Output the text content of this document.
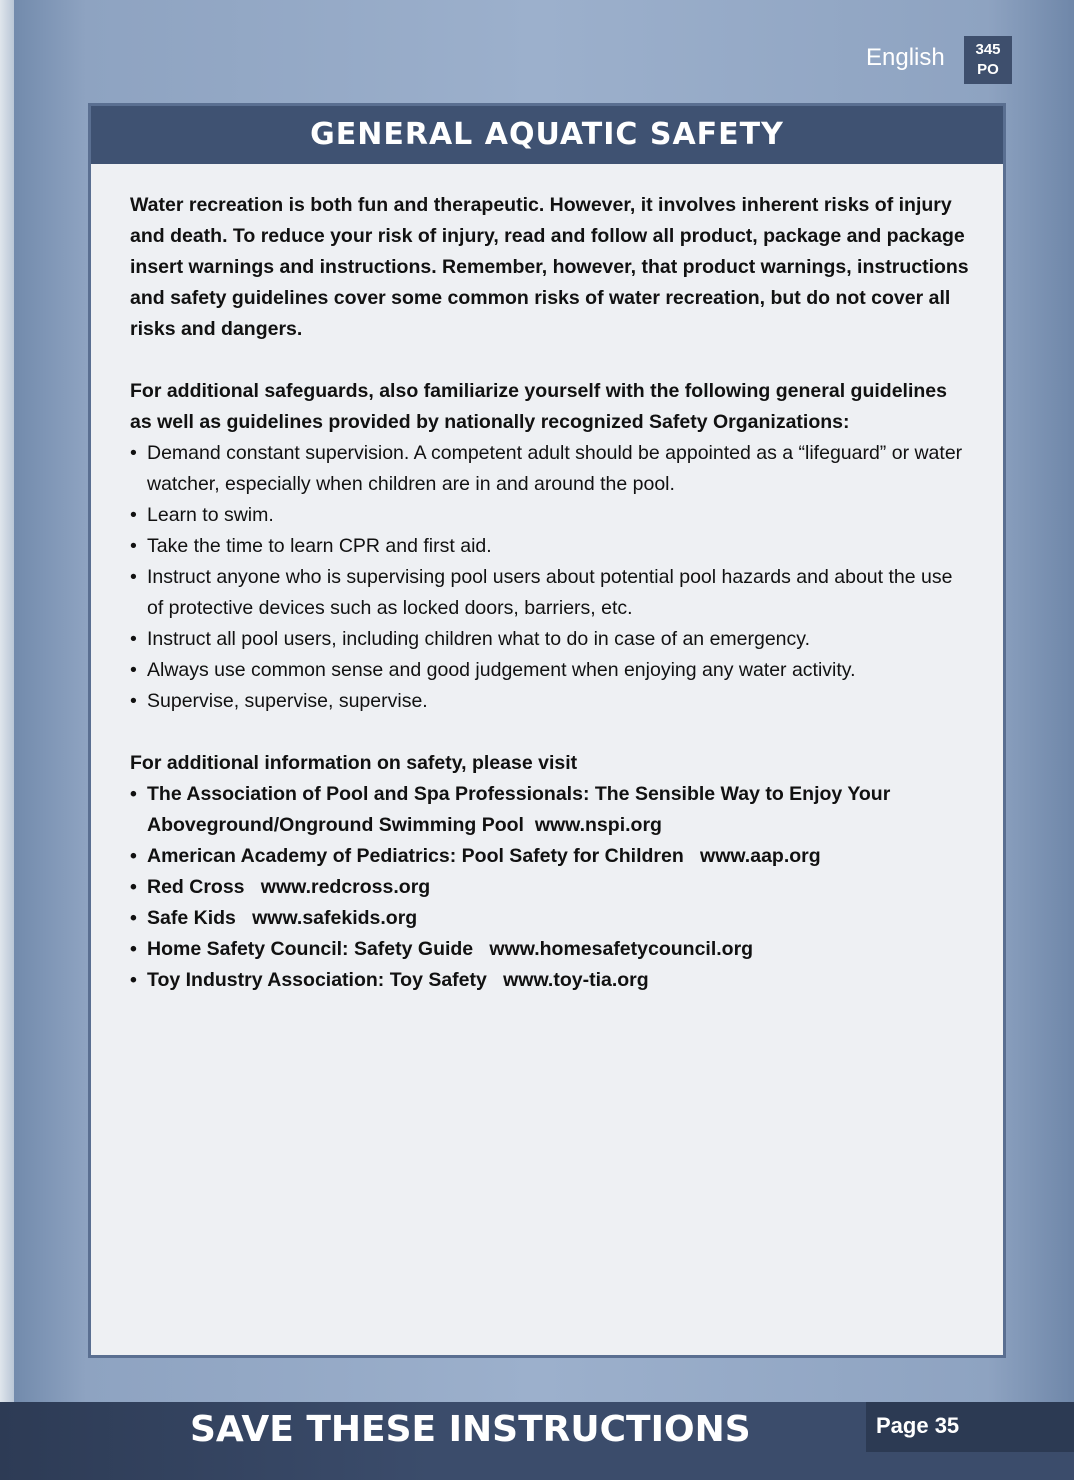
English	345
PO
GENERAL AQUATIC SAFETY

Water recreation is both fun and therapeutic. However, it involves inherent risks of injury and death. To reduce your risk of injury, read and follow all product, package and package insert warnings and instructions. Remember, however, that product warnings, instructions and safety guidelines cover some common risks of water recreation, but do not cover all risks and dangers.

For additional safeguards, also familiarize yourself with the following general guidelines as well as guidelines provided by nationally recognized Safety Organizations:

• Demand constant supervision. A competent adult should be appointed as a “lifeguard” or water watcher, especially when children are in and around the pool.
• Learn to swim.
• Take the time to learn CPR and first aid.
• Instruct anyone who is supervising pool users about potential pool hazards and about the use of protective devices such as locked doors, barriers, etc.
• Instruct all pool users, including children what to do in case of an emergency.
• Always use common sense and good judgement when enjoying any water activity.
• Supervise, supervise, supervise.

For additional information on safety, please visit

• The Association of Pool and Spa Professionals: The Sensible Way to Enjoy Your Aboveground/Onground Swimming Pool www.nspi.org
• American Academy of Pediatrics: Pool Safety for Children www.aap.org
• Red Cross www.redcross.org
• Safe Kids www.safekids.org
• Home Safety Council: Safety Guide www.homesafetycouncil.org
• Toy Industry Association: Toy Safety www.toy-tia.org
SAVE THESE INSTRUCTIONS	Page 35
